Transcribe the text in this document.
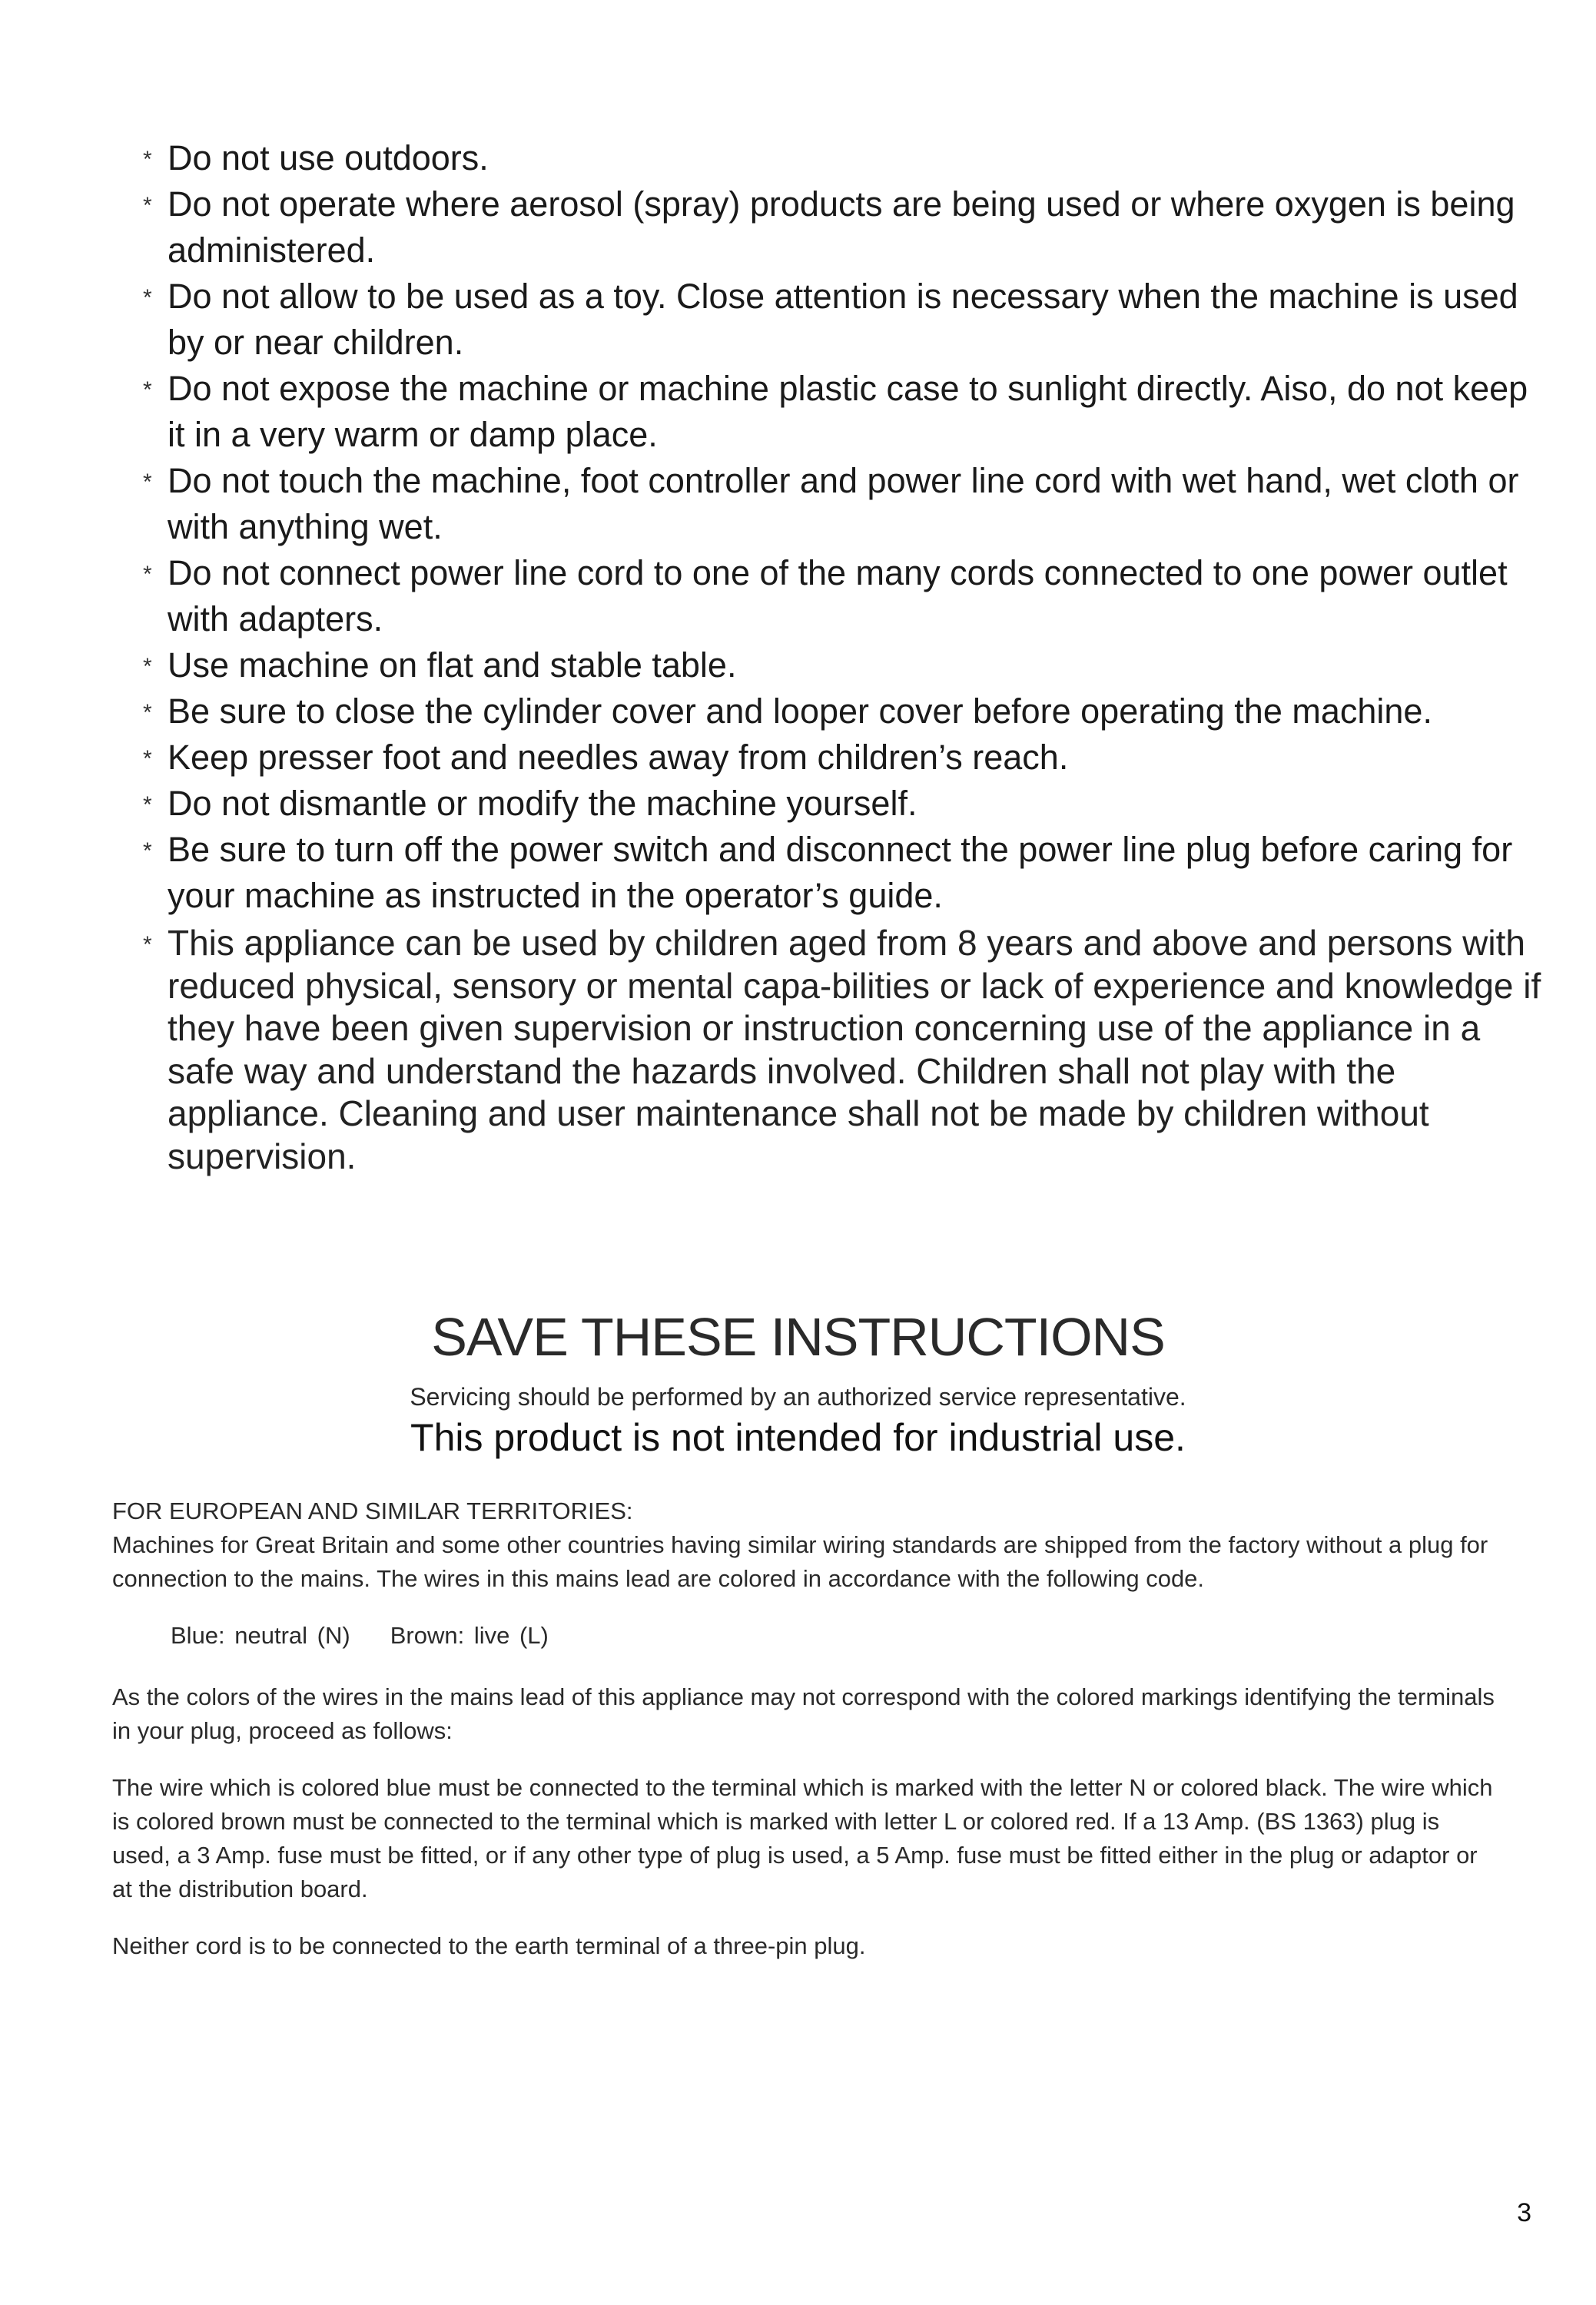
* Do not use outdoors.
* Do not operate where aerosol (spray) products are being used or where oxygen is being administered.
* Do not allow to be used as a toy. Close attention is necessary when the machine is used by or near children.
* Do not expose the machine or machine plastic case to sunlight directly. Aiso, do not keep it in a very warm or damp place.
* Do not touch the machine, foot controller and power line cord with wet hand, wet cloth or with anything wet.
* Do not connect power line cord to one of the many cords connected to one power outlet with adapters.
* Use machine on flat and stable table.
* Be sure to close the cylinder cover and looper cover before operating the machine.
* Keep presser foot and needles away from children’s reach.
* Do not dismantle or modify the machine yourself.
* Be sure to turn off the power switch and disconnect the power line plug before caring for your machine as instructed in the operator’s guide.
* This appliance can be used by children aged from 8 years and above and persons with reduced physical, sensory or mental capa-bilities or lack of experience and knowledge if they have been given supervision or instruction concerning use of the appliance in a safe way and understand the hazards involved. Children shall not play with the appliance. Cleaning and user maintenance shall not be made by children without supervision.
SAVE THESE INSTRUCTIONS
Servicing should be performed by an authorized service representative.
This product is not intended for industrial use.

FOR EUROPEAN AND SIMILAR TERRITORIES:

Machines for Great Britain and some other countries having similar wiring standards are shipped from the factory without a plug for connection to the mains. The wires in this mains lead are colored in accordance with the following code.

Blue: neutral (N) Brown: live (L)

As the colors of the wires in the mains lead of this appliance may not correspond with the colored markings identifying the terminals in your plug, proceed as follows:

The wire which is colored blue must be connected to the terminal which is marked with the letter N or colored black. The wire which is colored brown must be connected to the terminal which is marked with letter L or colored red. If a 13 Amp. (BS 1363) plug is used, a 3 Amp. fuse must be fitted, or if any other type of plug is used, a 5 Amp. fuse must be fitted either in the plug or adaptor or at the distribution board.

Neither cord is to be connected to the earth terminal of a three-pin plug.

3
